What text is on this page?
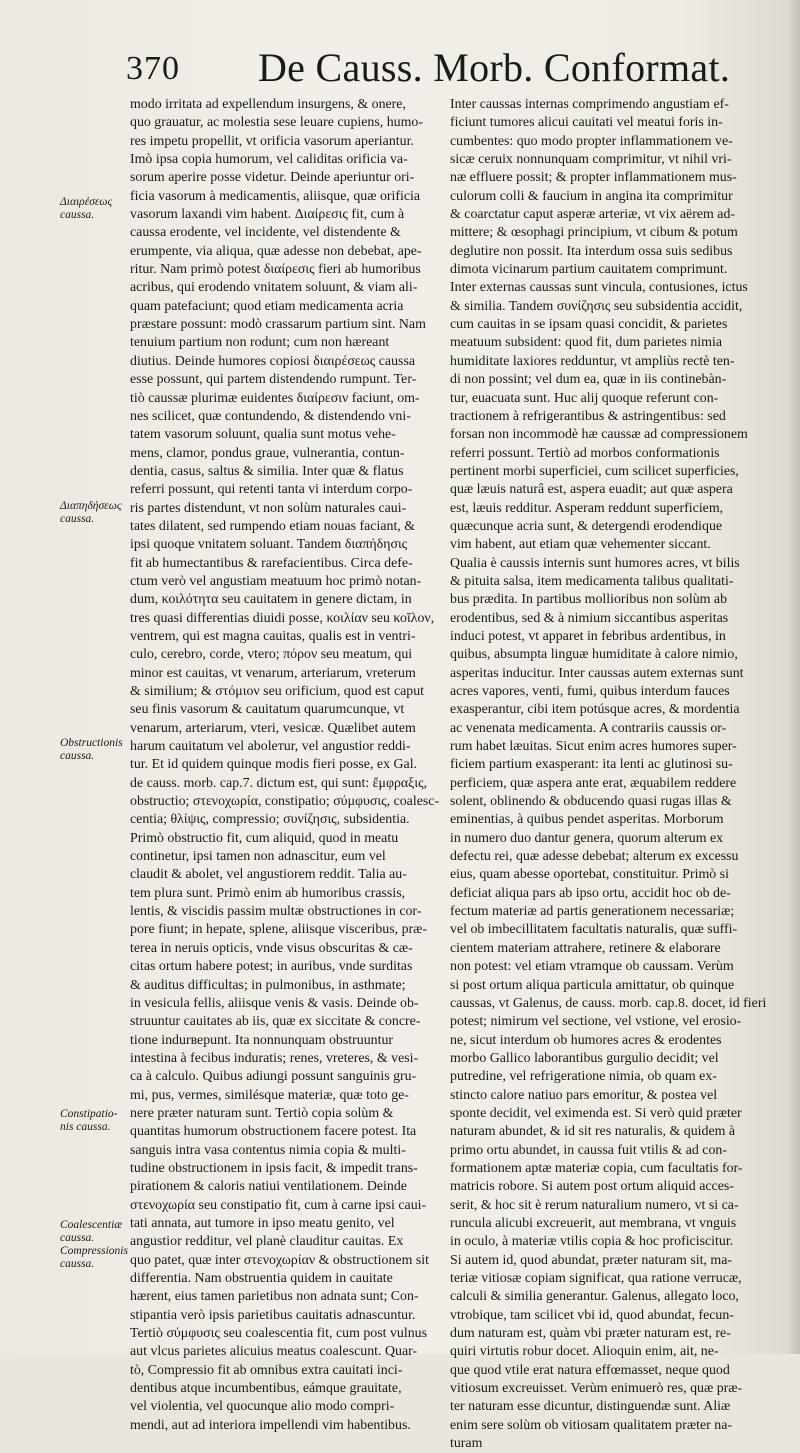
370 De Causs. Morb. Conformat.

modo irritata ad expellendum insurgens, & onere,

quo grauatur, ac molestia sese leuare cupiens, humo-

res impetu propellit, vt orificia vasorum aperiantur.

Imò ipsa copia humorum, vel caliditas orificia va-

sorum aperire posse videtur. Deinde aperiuntur ori-

ficia vasorum à medicamentis, aliisque, quæ orificia

vasorum laxandi vim habent. Διαίρεσις fit, cum à

caussa erodente, vel incidente, vel distendente &

erumpente, via aliqua, quæ adesse non debebat, ape-

ritur. Nam primò potest διαίρεσις fieri ab humoribus

acribus, qui erodendo vnitatem soluunt, & viam ali-

quam patefaciunt; quod etiam medicamenta acria

præstare possunt: modò crassarum partium sint. Nam

tenuium partium non rodunt; cum non hæreant

diutius. Deinde humores copiosi διαιρέσεως caussa

esse possunt, qui partem distendendo rumpunt. Ter-

tiò caussæ plurimæ euidentes διαίρεσιν faciunt, om-

nes scilicet, quæ contundendo, & distendendo vni-

tatem vasorum soluunt, qualia sunt motus vehe-

mens, clamor, pondus graue, vulnerantia, contun-

dentia, casus, saltus & similia. Inter quæ & flatus

referri possunt, qui retenti tanta vi interdum corpo-

ris partes distendunt, vt non solùm naturales caui-

tates dilatent, sed rumpendo etiam nouas faciant, &

ipsi quoque vnitatem soluant. Tandem διαπήδησις

fit ab humectantibus & rarefacientibus. Circa defe-

ctum verò vel angustiam meatuum hoc primò notan-

dum, κοιλότητα seu cauitatem in genere dictam, in

tres quasi differentias diuidi posse, κοιλίαν seu κοῖλον,

ventrem, qui est magna cauitas, qualis est in ventri-

culo, cerebro, corde, vtero; πόρον seu meatum, qui

minor est cauitas, vt venarum, arteriarum, vreterum

& similium; & στόμιον seu orificium, quod est caput

seu finis vasorum & cauitatum quarumcunque, vt

venarum, arteriarum, vteri, vesicæ. Quælibet autem

harum cauitatum vel abolетur, vel angustior reddi-

tur. Et id quidem quinque modis fieri posse, ex Gal.

de causs. morb. cap.7. dictum est, qui sunt: ἔμφραξις,

obstructio; στενοχωρία, constipatio; σύμφυσις, coalesc-

centia; θλίψις, compressio; συνίζησις, subsidentia.

Primò obstructio fit, cum aliquid, quod in meatu

continetur, ipsi tamen non adnascitur, eum vel

claudit & abolet, vel angustiorem reddit. Talia au-

tem plura sunt. Primò enim ab humoribus crassis,

lentis, & viscidis passim multæ obstructiones in cor-

pore fiunt; in hepate, splene, aliisque visceribus, præ-

terea in neruis opticis, vnde visus obscuritas & cæ-

citas ortum habere potest; in auribus, vnde surditas

& auditus difficultas; in pulmonibus, in asthmate;

in vesicula fellis, aliisque venis & vasis. Deinde ob-

struuntur cauitates ab iis, quæ ex siccitate & concre-

tione indurверunt. Ita nonnunquam obstruuntur

intestina à fecibus induratis; renes, vreteres, & vesi-

ca à calculo. Quibus adiungi possunt sanguinis gru-

mi, pus, vermes, similésque materiæ, quæ toto ge-

nere præter naturam sunt. Tertiò copia solùm &

quantitas humorum obstructionem facere potest. Ita

sanguis intra vasa contentus nimia copia & multi-

tudine obstructionem in ipsis facit, & impedit trans-

pirationem & caloris natiui ventilationem. Deinde

στενοχωρία seu constipatio fit, cum à carne ipsi caui-

tati annata, aut tumore in ipso meatu genito, vel

angustior redditur, vel planè clauditur cauitas. Ex

quo patet, quæ inter στενοχωρίαν & obstructionem sit

differentia. Nam obstruentia quidem in cauitate

hærent, eius tamen parietibus non adnata sunt; Con-

stipantia verò ipsis parietibus cauitatis adnascuntur.

Tertiò σύμφυσις seu coalescentia fit, cum post vulnus

aut vlcus parietes alicuius meatus coalescunt. Quar-

tò, Compressio fit ab omnibus extra cauitati inci-

dentibus atque incumbentibus, eámque grauitate,

vel violentia, vel quocunque alio modo compri-

mendi, aut ad interiora impellendi vim habentibus.

Inter caussas internas comprimendo angustiam ef-

ficiunt tumores alicui cauitati vel meatui foris in-

cumbentes: quo modo propter inflammationem ve-

sicæ ceruix nonnunquam comprimitur, vt nihil vri-

næ effluere possit; & propter inflammationem mus-

culorum colli & faucium in angina ita comprimitur

& coarctatur caput asperæ arteriæ, vt vix aërem ad-

mittere; & œsophagi principium, vt cibum & potum

deglutire non possit. Ita interdum ossa suis sedibus

dimota vicinarum partium cauitatem comprimunt.

Inter externas caussas sunt vincula, contusiones, ictus

& similia. Tandem συνίζησις seu subsidentia accidit,

cum cauitas in se ipsam quasi concidit, & parietes

meatuum subsident: quod fit, dum parietes nimia

humiditate laxiores redduntur, vt ampliùs rectè ten-

di non possint; vel dum ea, quæ in iis continebàn-

tur, euacuata sunt. Huc alij quoque referunt con-

tractionem à refrigerantibus & astringentibus: sed

forsan non incommodè hæ caussæ ad compressionem

referri possunt. Tertiò ad morbos conformationis

pertinent morbi superficiei, cum scilicet superficies,

quæ læuis naturâ est, aspera euadit; aut quæ aspera

est, læuis redditur. Asperam reddunt superficiem,

quæcunque acria sunt, & detergendi erodendique

vim habent, aut etiam quæ vehementer siccant.

Qualia è caussis internis sunt humores acres, vt bilis

& pituita salsa, item medicamenta talibus qualitati-

bus prædita. In partibus mollioribus non solùm ab

erodentibus, sed & à nimium siccantibus asperitas

induci potest, vt apparet in febribus ardentibus, in

quibus, absumpta linguæ humiditate à calore nimio,

asperitas inducitur. Inter caussas autem externas sunt

acres vapores, venti, fumi, quibus interdum fauces

exasperantur, cibi item potúsque acres, & mordentia

ac venenata medicamenta. A contrariis caussis or-

rum habet læuitas. Sicut enim acres humores super-

ficiem partium exasperant: ita lenti ac glutinosi su-

perficiem, quæ aspera ante erat, æquabilem reddere

solent, oblinendo & obducendo quasi rugas illas &

eminentias, à quibus pendet asperitas. Morborum

in numero duo dantur genera, quorum alterum ex

defectu rei, quæ adesse debebat; alterum ex excessu

eius, quam abesse oportebat, constituitur. Primò si

deficiat aliqua pars ab ipso ortu, accidit hoc ob de-

fectum materiæ ad partis generationem necessariæ;

vel ob imbecillitatem facultatis naturalis, quæ suffi-

cientem materiam attrahere, retinere & elaborare

non potest: vel etiam vtramque ob caussam. Verùm

si post ortum aliqua particula amittatur, ob quinque

caussas, vt Galenus, de causs. morb. cap.8. docet, id fieri

potest; nimirum vel sectione, vel vstione, vel erosio-

ne, sicut interdum ob humores acres & erodentes

morbo Gallico laborantibus gurgulio decidit; vel

putredine, vel refrigeratione nimia, ob quam ex-

stincto calore natiuo pars emoritur, & postea vel

sponte decidit, vel eximenda est. Si verò quid præter

naturam abundet, & id sit res naturalis, & quidem à

primo ortu abundet, in caussa fuit vtilis & ad con-

formationem aptæ materiæ copia, cum facultatis for-

matricis robore. Si autem post ortum aliquid acces-

serit, & hoc sit è rerum naturalium numero, vt si ca-

runcula alicubi excreuerit, aut membrana, vt vnguis

in oculo, à materiæ vtilis copia & hoc proficiscitur.

Si autem id, quod abundat, præter naturam sit, ma-

teriæ vitiosæ copiam significat, qua ratione verrucæ,

calculi & similia generantur. Galenus, allegato loco,

vtrobique, tam scilicet vbi id, quod abundat, fecun-

dum naturam est, quàm vbi præter naturam est, re-

quiri virtutis robur docet. Alioquin enim, ait, ne-

que quod vtile erat natura effœmasset, neque quod

vitiosum excreuisset. Verùm enimuerò res, quæ præ-

ter naturam esse dicuntur, distinguendæ sunt. Aliæ

enim sere solùm ob vitiosam qualitatem præter na-

turam

Διαιρέσεως
caussa.
Διαπηδήσεως
caussa.
Obstructionis
caussa.
Constipatio-
nis caussa.
Coalescentiæ
caussa.
Compressionis
caussa.
